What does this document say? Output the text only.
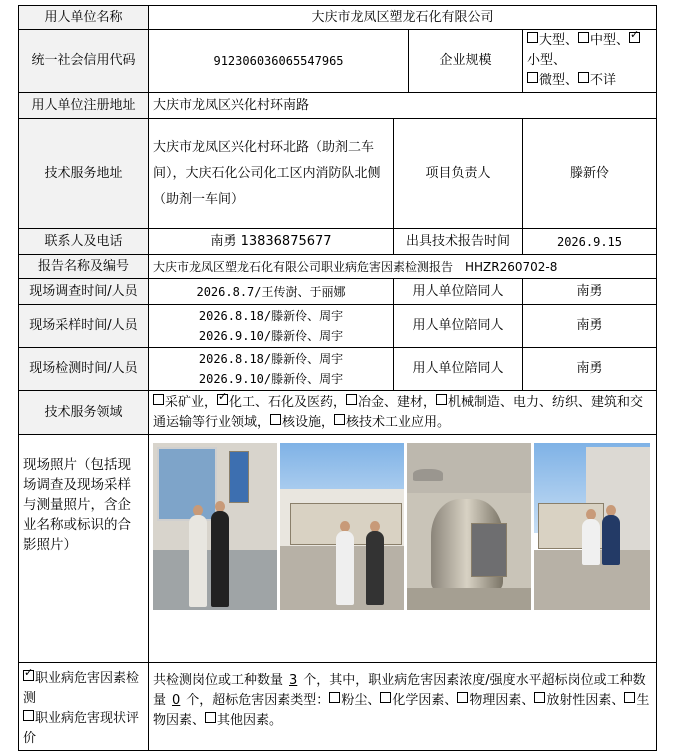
用人单位名称	大庆市龙凤区塑龙石化有限公司			
统一社会信用代码	912306036065547965		企业规模	大型、 中型、✓小型、
微型、 不详
用人单位注册地址	大庆市龙凤区兴化村环南路			
技术服务地址	大庆市龙凤区兴化村环北路（助剂二车间），大庆石化公司化工区内消防队北侧（助剂一车间）	项目负责人		滕新伶
联系人及电话	南勇 13836875677	出具技术报告时间		2026.9.15
报告名称及编号	大庆市龙凤区塑龙石化有限公司职业病危害因素检测报告　HHZR260702-8			
现场调查时间/人员	2026.8.7/王传澍、于丽娜	用人单位陪同人		南勇
现场采样时间/人员	2026.8.18/滕新伶、周宇
2026.9.10/滕新伶、周宇	用人单位陪同人		南勇
现场检测时间/人员	2026.8.18/滕新伶、周宇
2026.9.10/滕新伶、周宇	用人单位陪同人		南勇
技术服务领域	采矿业， ✓ 化工、石化及医药， 冶金、建材， 机械制造、电力、纺织、建筑和交通运输等行业领域， 核设施， 核技术工业应用。
现场照片（包括现场调查及现场采样与测量照片，含企业名称或标识的合影照片）				

✓职业病危害因素检测
职业病危害现状评价	共检测岗位或工种数量 3 个，其中，职业病危害因素浓度/强度水平超标岗位或工种数量 0 个，超标危害因素类型： 粉尘、 化学因素、 物理因素、 放射性因素、 生物因素、 其他因素。			
